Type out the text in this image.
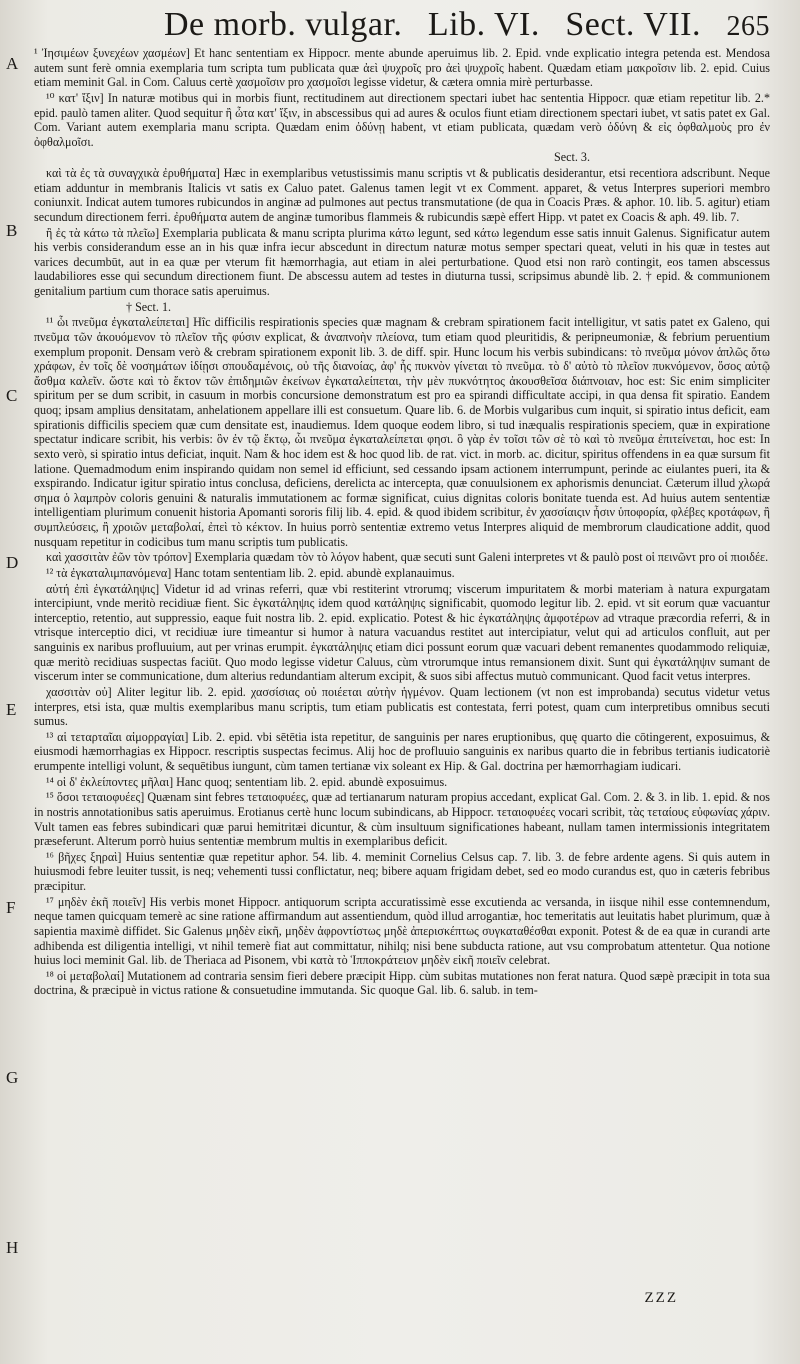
De morb. vulgar. Lib. VI. Sect. VII. 265
A
B
C
D
E
F
G
H

¹ Ἰησιμέων ξυνεχέων χασμέων] Et hanc sententiam ex Hippocr. mente abunde aperuimus lib. 2. Epid. vnde explicatio integra petenda est. Mendosa autem sunt ferè omnia exemplaria tum scripta tum publicata quæ ἀεὶ ψυχροῖς pro ἀεὶ ψυχροῖς habent. Quædam etiam μακροῖσιν lib. 2. epid. Cuius etiam meminit Gal. in Com. Caluus certè χασμοῖσιν pro χασμοῖσι legisse videtur, & cætera omnia mirè perturbasse.

¹⁰ κατ' ἴξιν] In naturæ motibus qui in morbis fiunt, rectitudinem aut directionem spectari iubet hac sententia Hippocr. quæ etiam repetitur lib. 2.* epid. paulò tamen aliter. Quod sequitur ἢ ὦτα κατ' ἴξιν, in abscessibus qui ad aures & oculos fiunt etiam directionem spectari iubet, vt satis patet ex Gal. Com. Variant autem exemplaria manu scripta. Quædam enim ὀδύνῃ habent, vt etiam publicata, quædam verò ὀδύνη & εἰς ὀφθαλμοὺς pro ἐν ὀφθαλμοῖσι.

Sect. 3.

καὶ τὰ ἐς τὰ συναγχικὰ ἐρυθήματα] Hæc in exemplaribus vetustissimis manu scriptis vt & publicatis desiderantur, etsi recentiora adscribunt. Neque etiam adduntur in membranis Italicis vt satis ex Caluo patet. Galenus tamen legit vt ex Comment. apparet, & vetus Interpres superiori membro coniunxit. Indicat autem tumores rubicundos in anginæ ad pulmones aut pectus transmutatione (de qua in Coacis Præs. & aphor. 10. lib. 5. agitur) etiam secundum directionem ferri. ἐρυθήματα autem de anginæ tumoribus flammeis & rubicundis sæpè effert Hipp. vt patet ex Coacis & aph. 49. lib. 7.

ἢ ἐς τὰ κάτω τὰ πλεῖω] Exemplaria publicata & manu scripta plurima κάτω legunt, sed κάτω legendum esse satis innuit Galenus. Significatur autem his verbis considerandum esse an in his quæ infra iecur abscedunt in directum naturæ motus semper spectari queat, veluti in his quæ in testes aut varices decumbūt, aut in ea quæ per vterum fit hæmorrhagia, aut etiam in alei perturbatione. Quod etsi non rarò contingit, eos tamen abscessus laudabiliores esse qui secundum directionem fiunt. De abscessu autem ad testes in diuturna tussi, scripsimus abundè lib. 2. † epid. & communionem genitalium partium cum thorace satis aperuimus.

† Sect. 1.

¹¹ ὧι πνεῦμα ἐγκαταλείπεται] Hîc difficilis respirationis species quæ magnam & crebram spirationem facit intelligitur, vt satis patet ex Galeno, qui πνεῦμα τῶν ἀκουόμενον τὸ πλεῖον τῆς φύσιν explicat, & ἀναπνοὴν πλείονα, tum etiam quod pleuritidis, & peripneumoniæ, & febrium peruentium exemplum proponit. Densam verò & crebram spirationem exponit lib. 3. de diff. spir. Hunc locum his verbis subindicans: τὸ πνεῦμα μόνον ἁπλῶς ὅτω χράφων, ἐν τοῖς δὲ νοσημάτων ἰδίῃσι σπουδαμένοις, οὐ τῆς διανοίας, ἀφ' ἧς πυκνὸν γίνεται τὸ πνεῦμα. τὸ δ' αὐτὸ τὸ πλεῖον πυκνόμενον, ὅσος αὐτῷ ἄσθμα καλεῖν. ὥστε καὶ τὸ ἕκτον τῶν ἐπιδημιῶν ἐκείνων ἐγκαταλείπεται, τὴν μὲν πυκνότητος ἀκουσθεῖσα διάπνοιαν, hoc est: Sic enim simpliciter spiritum per se dum scribit, in casuum in morbis concursione demonstratum est pro ea spirandi difficultate accipi, in qua densa fit spiratio. Eandem quoq; ipsam amplius densitatam, anhelationem appellare illi est consuetum. Quare lib. 6. de Morbis vulgaribus cum inquit, si spiratio intus deficit, eam spirationis difficilis speciem quæ cum densitate est, inaudiemus. Idem quoque eodem libro, si tud inæqualis respirationis speciem, quæ in expiratione spectatur indicare scribit, his verbis: ὃν ἐν τῷ ἕκτῳ, ὧι πνεῦμα ἐγκαταλείπεται φησι. ὃ γὰρ ἐν τοῖσι τῶν σὲ τὸ καὶ τὸ πνεῦμα ἐπιτείνεται, hoc est: In sexto verò, si spiratio intus deficiat, inquit. Nam & hoc idem est & hoc quod lib. de rat. vict. in morb. ac. dicitur, spiritus offendens in ea quæ sursum fit latione. Quemadmodum enim inspirando quidam non semel id efficiunt, sed cessando ipsam actionem interrumpunt, perinde ac eiulantes pueri, ita & exspirando. Indicatur igitur spiratio intus conclusa, deficiens, derelicta ac intercepta, quæ conuulsionem ex aphorismis denunciat. Cæterum illud χλωρά σημα ὁ λαμπρὸν coloris genuini & naturalis immutationem ac formæ significat, cuius dignitas coloris bonitate tuenda est. Ad huius autem sententiæ intelligentiam plurimum conuenit historia Apomanti sororis filij lib. 4. epid. & quod ibidem scribitur, ἐν χασσίαιςιν ἦσιν ὑποφορία, φλέβες κροτάφων, ἢ συμπλεύσεις, ἢ χροιῶν μεταβολαί, ἐπεὶ τὸ κέκτον. In huius porrò sententiæ extremo vetus Interpres aliquid de membrorum claudicatione addit, quod nusquam repetitur in codicibus tum manu scriptis tum publicatis.

καὶ χασσιτὰν ἐῶν τὸν τρόπον] Exemplaria quædam τὸν τὸ λόγον habent, quæ secuti sunt Galeni interpretes vt & paulò post οἱ πεινῶντ pro οἱ πιοιδέε.

¹² τὰ ἐγκαταλιμπανόμενα] Hanc totam sententiam lib. 2. epid. abundè explanauimus.

αὐτή ἐπὶ ἐγκατάληψις] Videtur id ad vrinas referri, quæ vbi restiterint vtrorumq; viscerum impuritatem & morbi materiam à natura expurgatam intercipiunt, vnde meritò recidiuæ fient. Sic ἐγκατάληψις idem quod κατάληψις significabit, quomodo legitur lib. 2. epid. vt sit eorum quæ vacuantur interceptio, retentio, aut suppressio, eaque fuit nostra lib. 2. epid. explicatio. Potest & hic ἐγκατάληψις ἀμφοτέρων ad vtraque præcordia referri, & in vtrisque interceptio dici, vt recidiuæ iure timeantur si humor à natura vacuandus restitet aut intercipiatur, velut qui ad articulos confluit, aut per sanguinis ex naribus profluuium, aut per vrinas erumpit. ἐγκατάληψις etiam dici possunt eorum quæ vacuari debent remanentes quodammodo reliquiæ, quæ meritò recidiuas suspectas faciūt. Quo modo legisse videtur Caluus, cùm vtrorumque intus remansionem dixit. Sunt qui ἐγκατάληψιν sumant de viscerum inter se communicatione, dum alterius redundantiam alterum excipit, & suos sibi affectus mutuò communicant. Quod facit vetus interpres.

χασσιτὰν οὐ] Aliter legitur lib. 2. epid. χασσίσιας οὐ ποιέεται αὐτὴν ἡγμένον. Quam lectionem (vt non est improbanda) secutus videtur vetus interpres, etsi ista, quæ multis exemplaribus manu scriptis, tum etiam publicatis est contestata, ferri potest, quam cum interpretibus omnibus secuti sumus.

¹³ αἱ τεταρταῖαι αἱμορραγίαι] Lib. 2. epid. vbi sētētia ista repetitur, de sanguinis per nares eruptionibus, quę quarto die cōtingerent, exposuimus, & eiusmodi hæmorrhagias ex Hippocr. rescriptis suspectas fecimus. Alij hoc de profluuio sanguinis ex naribus quarto die in febribus tertianis iudicatoriè erumpente intelligi volunt, & sequētibus iungunt, cùm tamen tertianæ vix soleant ex Hip. & Gal. doctrina per hæmorrhagiam iudicari.

¹⁴ οἱ δ' ἐκλείποντες μῆλαι] Hanc quoq; sententiam lib. 2. epid. abundè exposuimus.

¹⁵ ὅσοι τεταιοφυέες] Quænam sint febres τεταιοφυέες, quæ ad tertianarum naturam propius accedant, explicat Gal. Com. 2. & 3. in lib. 1. epid. & nos in nostris annotationibus satis aperuimus. Erotianus certè hunc locum subindicans, ab Hippocr. τεταιοφυέες vocari scribit, τὰς τεταίους εὐφωνίας χάριν. Vult tamen eas febres subindicari quæ parui hemitritæi dicuntur, & cùm insultuum significationes habeant, nullam tamen intermissionis integritatem præseferunt. Alterum porrò huius sententiæ membrum multis in exemplaribus deficit.

¹⁶ βῆχες ξηραὶ] Huius sententiæ quæ repetitur aphor. 54. lib. 4. meminit Cornelius Celsus cap. 7. lib. 3. de febre ardente agens. Si quis autem in huiusmodi febre leuiter tussit, is neq; vehementi tussi conflictatur, neq; bibere aquam frigidam debet, sed eo modo curandus est, quo in cæteris febribus præcipitur.

¹⁷ μηδὲν ἐκῆ ποιεῖν] His verbis monet Hippocr. antiquorum scripta accuratissimè esse excutienda ac versanda, in iisque nihil esse contemnendum, neque tamen quicquam temerè ac sine ratione affirmandum aut assentiendum, quòd illud arrogantiæ, hoc temeritatis aut leuitatis habet plurimum, quæ à sapientia maximè diffidet. Sic Galenus μηδὲν εἰκῆ, μηδὲν ἀφροντίστως μηδὲ ἀπερισκέπτως συγκαταθέσθαι exponit. Potest & de ea quæ in curandi arte adhibenda est diligentia intelligi, vt nihil temerè fiat aut committatur, nihilq; nisi bene subducta ratione, aut vsu comprobatum attentetur. Qua notione huius loci meminit Gal. lib. de Theriaca ad Pisonem, vbi κατὰ τὸ Ἱπποκράτειον μηδὲν εἰκῆ ποιεῖν celebrat.

¹⁸ οἱ μεταβολαί] Mutationem ad contraria sensim fieri debere præcipit Hipp. cùm subitas mutationes non ferat natura. Quod sæpè præcipit in tota sua doctrina, & præcipuè in victus ratione & consuetudine immutanda. Sic quoque Gal. lib. 6. salub. in tem-

ZZZ
